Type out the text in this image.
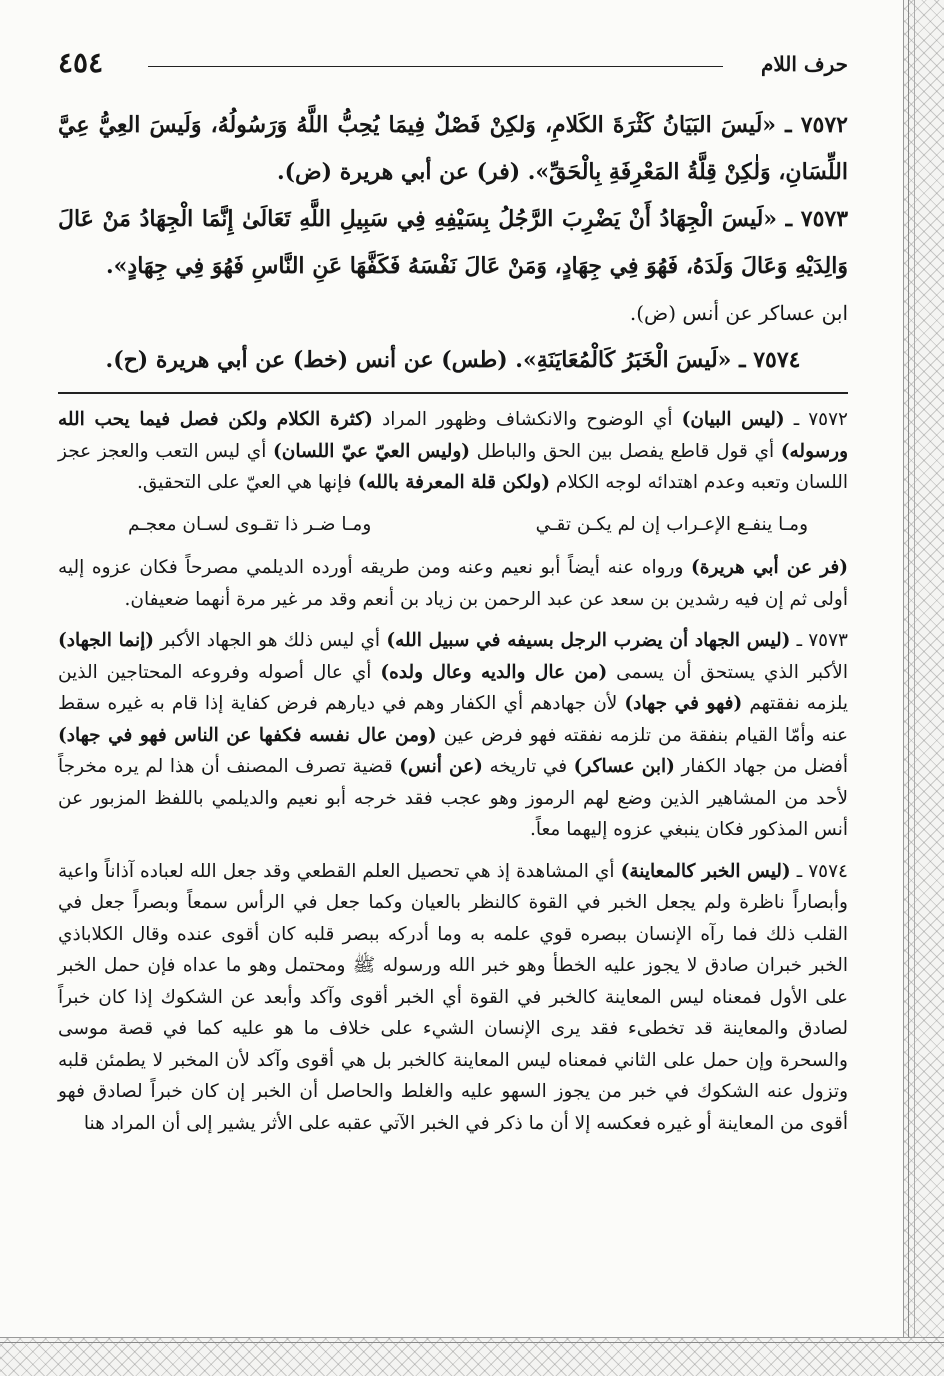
حرف اللام
٤٥٤

٧٥٧٢ ـ «لَيسَ البَيَانُ كَثْرَةَ الكَلامِ، وَلكِنْ فَصْلٌ فِيمَا يُحِبُّ اللَّهُ وَرَسُولُهُ، وَلَيسَ العِيُّ عِيَّ اللِّسَانِ، وَلٰكِنْ قِلَّةُ المَعْرِفَةِ بِالْحَقِّ». (فر) عن أبي هريرة (ض).

٧٥٧٣ ـ «لَيسَ الْجِهَادُ أَنْ يَضْرِبَ الرَّجُلُ بِسَيْفِهِ فِي سَبِيلِ اللَّهِ تَعَالَىٰ إِنَّمَا الْجِهَادُ مَنْ عَالَ وَالِدَيْهِ وَعَالَ وَلَدَهُ، فَهُوَ فِي جِهَادٍ، وَمَنْ عَالَ نَفْسَهُ فَكَفَّهَا عَنِ النَّاسِ فَهُوَ فِي جِهَادٍ».

ابن عساكر عن أنس (ض).

٧٥٧٤ ـ «لَيسَ الْخَبَرُ كَالْمُعَايَنَةِ». (طس) عن أنس (خط) عن أبي هريرة (ح).

٧٥٧٢ ـ (ليس البيان) أي الوضوح والانكشاف وظهور المراد (كثرة الكلام ولكن فصل فيما يحب الله ورسوله) أي قول قاطع يفصل بين الحق والباطل (وليس العيّ عيّ اللسان) أي ليس التعب والعجز عجز اللسان وتعبه وعدم اهتدائه لوجه الكلام (ولكن قلة المعرفة بالله) فإنها هي العيّ على التحقيق.

ومـا ينفـع الإعـراب إن لم يكـن تقـي
ومـا ضـر ذا تقـوى لسـان معجـم

(فر عن أبي هريرة) ورواه عنه أيضاً أبو نعيم وعنه ومن طريقه أورده الديلمي مصرحاً فكان عزوه إليه أولى ثم إن فيه رشدين بن سعد عن عبد الرحمن بن زياد بن أنعم وقد مر غير مرة أنهما ضعيفان.

٧٥٧٣ ـ (ليس الجهاد أن يضرب الرجل بسيفه في سبيل الله) أي ليس ذلك هو الجهاد الأكبر (إنما الجهاد) الأكبر الذي يستحق أن يسمى (من عال والديه وعال ولده) أي عال أصوله وفروعه المحتاجين الذين يلزمه نفقتهم (فهو في جهاد) لأن جهادهم أي الكفار وهم في ديارهم فرض كفاية إذا قام به غيره سقط عنه وأمّا القيام بنفقة من تلزمه نفقته فهو فرض عين (ومن عال نفسه فكفها عن الناس فهو في جهاد) أفضل من جهاد الكفار (ابن عساكر) في تاريخه (عن أنس) قضية تصرف المصنف أن هذا لم يره مخرجاً لأحد من المشاهير الذين وضع لهم الرموز وهو عجب فقد خرجه أبو نعيم والديلمي باللفظ المزبور عن أنس المذكور فكان ينبغي عزوه إليهما معاً.

٧٥٧٤ ـ (ليس الخبر كالمعاينة) أي المشاهدة إذ هي تحصيل العلم القطعي وقد جعل الله لعباده آذاناً واعية وأبصاراً ناظرة ولم يجعل الخبر في القوة كالنظر بالعيان وكما جعل في الرأس سمعاً وبصراً جعل في القلب ذلك فما رآه الإنسان ببصره قوي علمه به وما أدركه ببصر قلبه كان أقوى عنده وقال الكلاباذي الخبر خبران صادق لا يجوز عليه الخطأ وهو خبر الله ورسوله ﷺ ومحتمل وهو ما عداه فإن حمل الخبر على الأول فمعناه ليس المعاينة كالخبر في القوة أي الخبر أقوى وآكد وأبعد عن الشكوك إذا كان خبراً لصادق والمعاينة قد تخطىء فقد يرى الإنسان الشيء على خلاف ما هو عليه كما في قصة موسى والسحرة وإن حمل على الثاني فمعناه ليس المعاينة كالخبر بل هي أقوى وآكد لأن المخبر لا يطمئن قلبه وتزول عنه الشكوك في خبر من يجوز السهو عليه والغلط والحاصل أن الخبر إن كان خبراً لصادق فهو أقوى من المعاينة أو غيره فعكسه إلا أن ما ذكر في الخبر الآتي عقبه على الأثر يشير إلى أن المراد هنا
